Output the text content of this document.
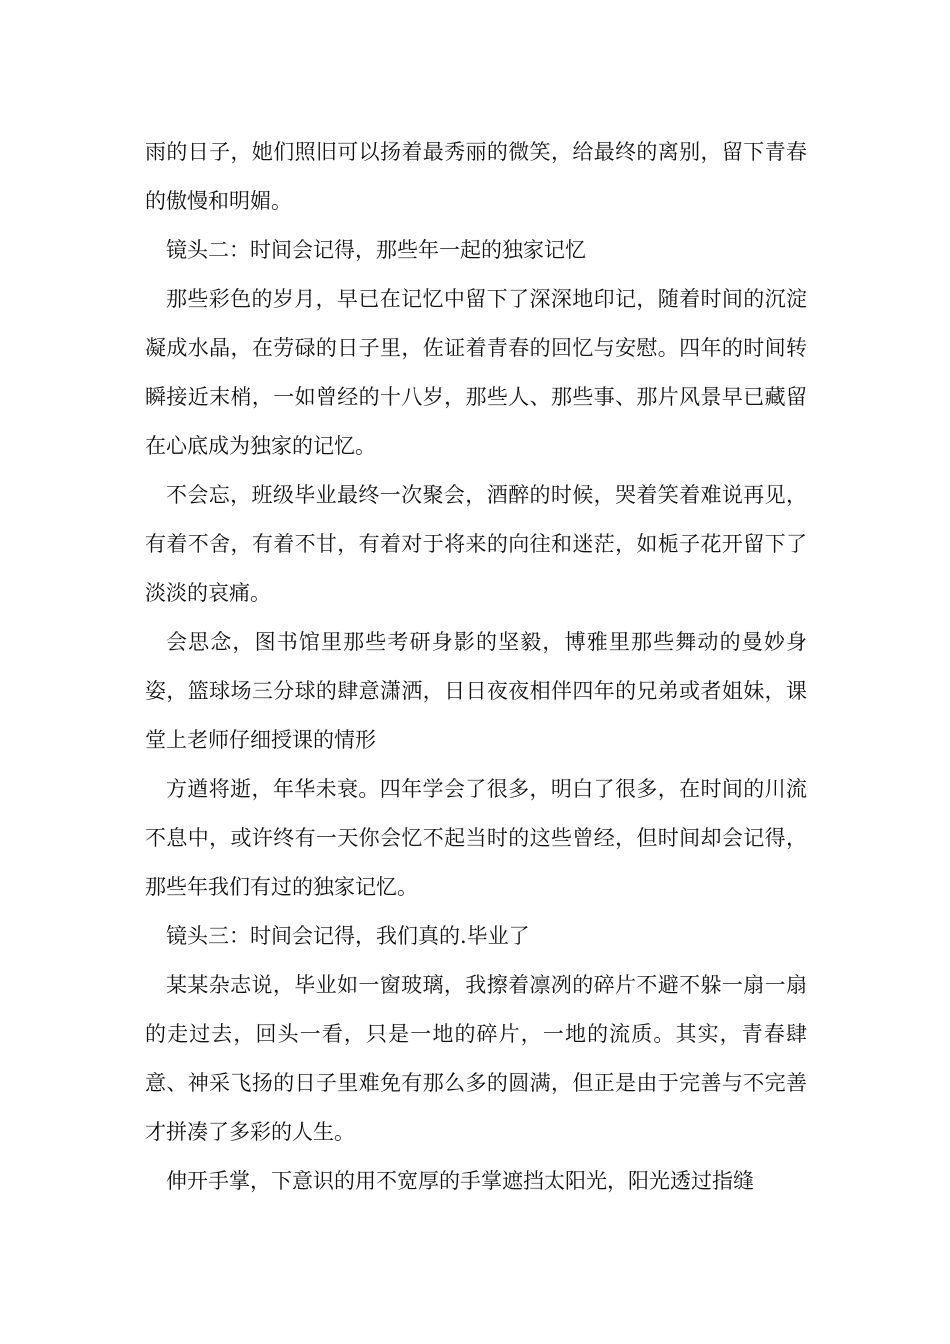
雨的日子，她们照旧可以扬着最秀丽的微笑，给最终的离别，留下青春的傲慢和明媚。

镜头二：时间会记得，那些年一起的独家记忆

那些彩色的岁月，早已在记忆中留下了深深地印记，随着时间的沉淀凝成水晶，在劳碌的日子里，佐证着青春的回忆与安慰。四年的时间转瞬接近末梢，一如曾经的十八岁，那些人、那些事、那片风景早已藏留在心底成为独家的记忆。

不会忘，班级毕业最终一次聚会，酒醉的时候，哭着笑着难说再见，有着不舍，有着不甘，有着对于将来的向往和迷茫，如栀子花开留下了淡淡的哀痛。

会思念，图书馆里那些考研身影的坚毅，博雅里那些舞动的曼妙身姿，篮球场三分球的肆意潇洒，日日夜夜相伴四年的兄弟或者姐妹，课堂上老师仔细授课的情形

方遒将逝，年华未衰。四年学会了很多，明白了很多，在时间的川流不息中，或许终有一天你会忆不起当时的这些曾经，但时间却会记得，那些年我们有过的独家记忆。

镜头三：时间会记得，我们真的.毕业了

某某杂志说，毕业如一窗玻璃，我擦着凛冽的碎片不避不躲一扇一扇的走过去，回头一看，只是一地的碎片，一地的流质。其实，青春肆意、神采飞扬的日子里难免有那么多的圆满，但正是由于完善与不完善才拼凑了多彩的人生。

伸开手掌，下意识的用不宽厚的手掌遮挡太阳光，阳光透过指缝
